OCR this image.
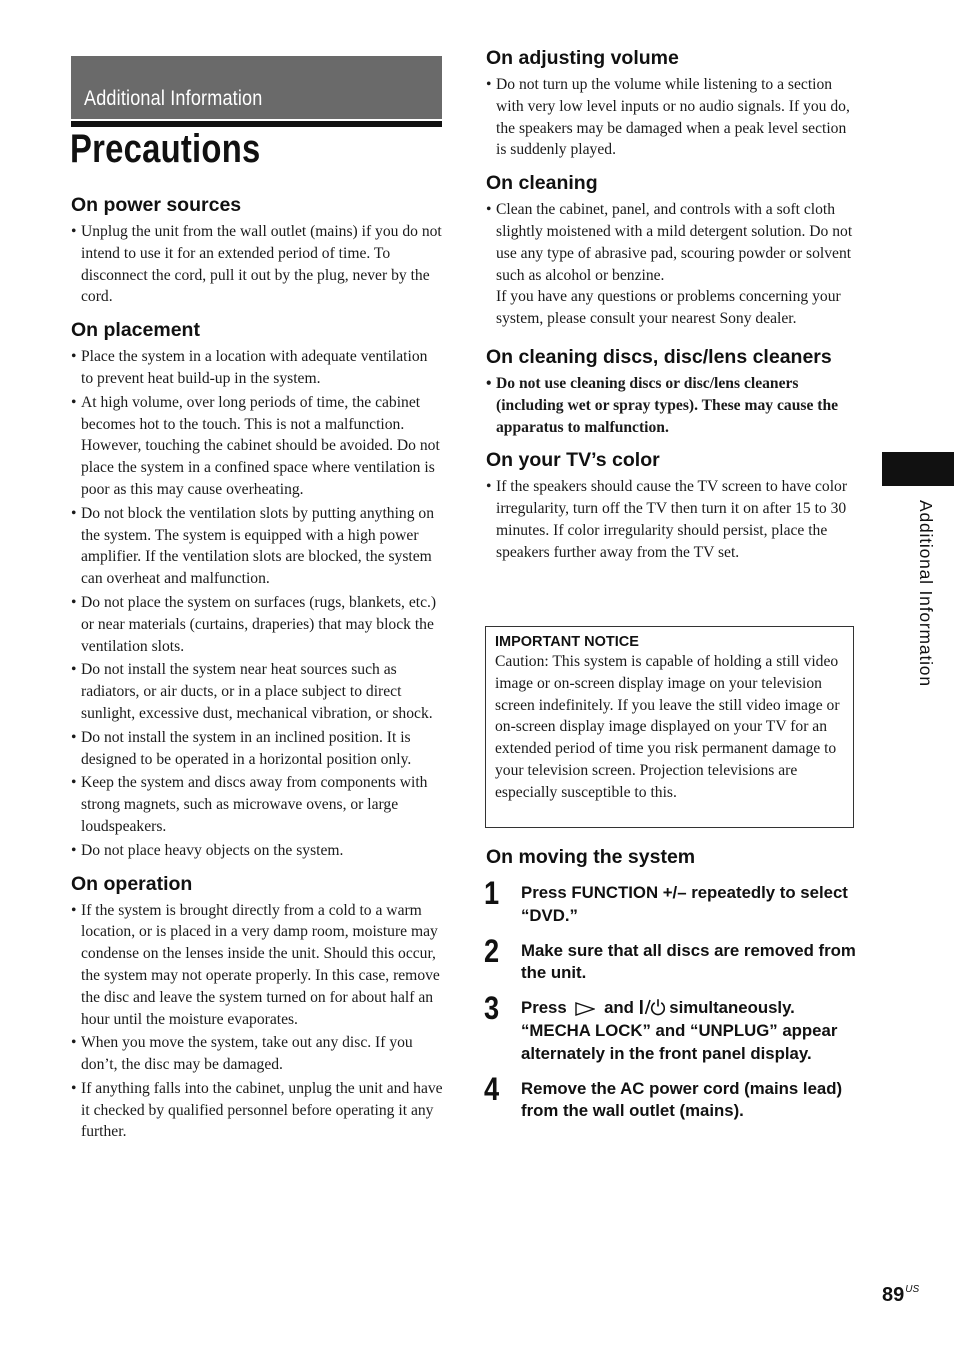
Additional Information
Precautions
On power sources
• Unplug the unit from the wall outlet (mains) if you do not intend to use it for an extended period of time. To disconnect the cord, pull it out by the plug, never by the cord.
On placement
• Place the system in a location with adequate ventilation to prevent heat build-up in the system.
• At high volume, over long periods of time, the cabinet becomes hot to the touch. This is not a malfunction. However, touching the cabinet should be avoided. Do not place the system in a confined space where ventilation is poor as this may cause overheating.
• Do not block the ventilation slots by putting anything on the system. The system is equipped with a high power amplifier. If the ventilation slots are blocked, the system can overheat and malfunction.
• Do not place the system on surfaces (rugs, blankets, etc.) or near materials (curtains, draperies) that may block the ventilation slots.
• Do not install the system near heat sources such as radiators, or air ducts, or in a place subject to direct sunlight, excessive dust, mechanical vibration, or shock.
• Do not install the system in an inclined position. It is designed to be operated in a horizontal position only.
• Keep the system and discs away from components with strong magnets, such as microwave ovens, or large loudspeakers.
• Do not place heavy objects on the system.
On operation
• If the system is brought directly from a cold to a warm location, or is placed in a very damp room, moisture may condense on the lenses inside the unit. Should this occur, the system may not operate properly. In this case, remove the disc and leave the system turned on for about half an hour until the moisture evaporates.
• When you move the system, take out any disc. If you don’t, the disc may be damaged.
• If anything falls into the cabinet, unplug the unit and have it checked by qualified personnel before operating it any further.
On adjusting volume
• Do not turn up the volume while listening to a section with very low level inputs or no audio signals. If you do, the speakers may be damaged when a peak level section is suddenly played.
On cleaning
• Clean the cabinet, panel, and controls with a soft cloth slightly moistened with a mild detergent solution. Do not use any type of abrasive pad, scouring powder or solvent such as alcohol or benzine.
If you have any questions or problems concerning your system, please consult your nearest Sony dealer.
On cleaning discs, disc/lens cleaners
• Do not use cleaning discs or disc/lens cleaners (including wet or spray types). These may cause the apparatus to malfunction.
On your TV’s color
• If the speakers should cause the TV screen to have color irregularity, turn off the TV then turn it on after 15 to 30 minutes. If color irregularity should persist, place the speakers further away from the TV set.
IMPORTANT NOTICE
Caution: This system is capable of holding a still video image or on-screen display image on your television screen indefinitely. If you leave the still video image or on-screen display image displayed on your TV for an extended period of time you risk permanent damage to your television screen. Projection televisions are especially susceptible to this.
On moving the system
1 Press FUNCTION +/– repeatedly to select “DVD.”
2 Make sure that all discs are removed from the unit.
3 Press and simultaneously. “MECHA LOCK” and “UNPLUG” appear alternately in the front panel display.
4 Remove the AC power cord (mains lead) from the wall outlet (mains).
Additional Information
$89^{US}$
